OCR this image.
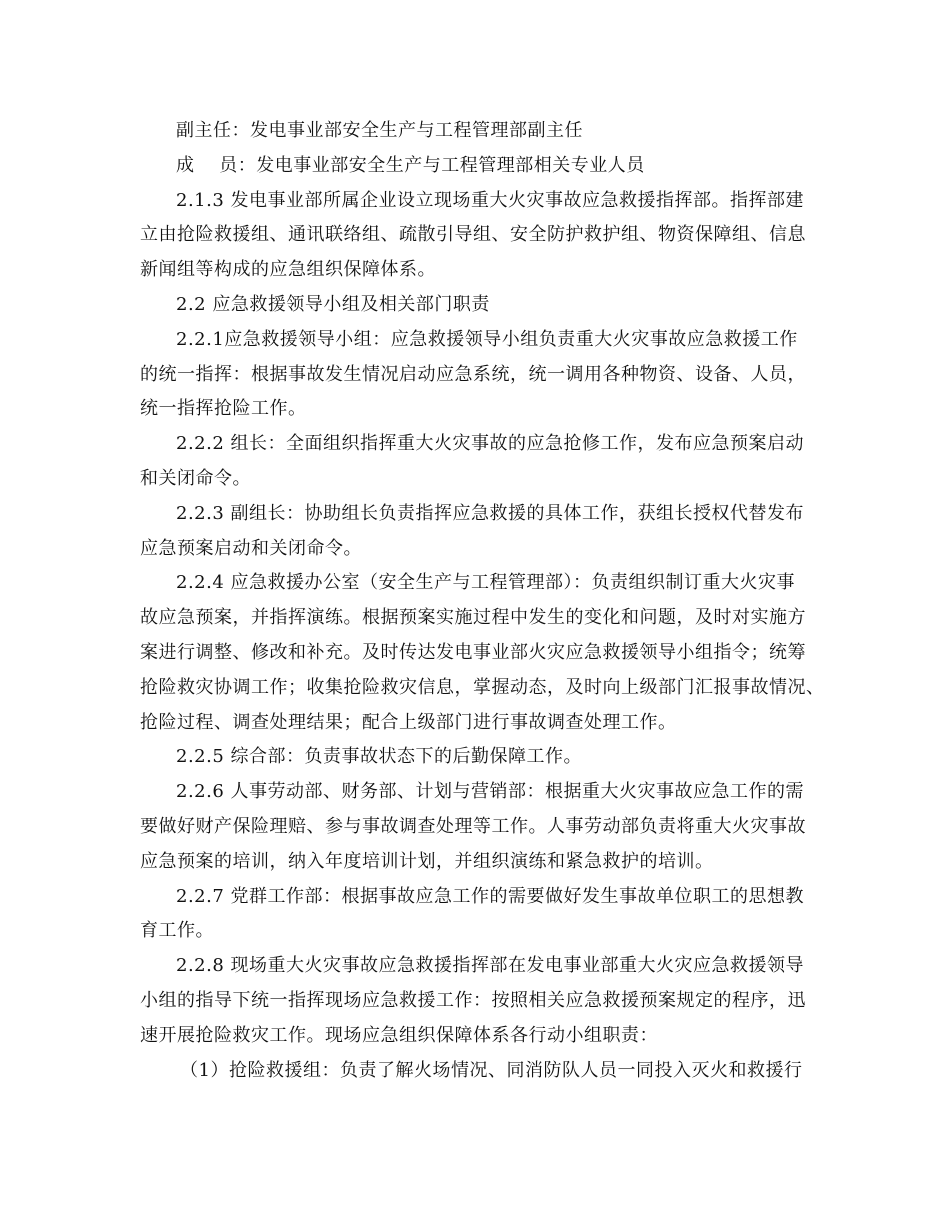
副主任：发电事业部安全生产与工程管理部副主任
成　 员：发电事业部安全生产与工程管理部相关专业人员
2.1.3 发电事业部所属企业设立现场重大火灾事故应急救援指挥部。指挥部建
立由抢险救援组、通讯联络组、疏散引导组、安全防护救护组、物资保障组、信息
新闻组等构成的应急组织保障体系。
2.2 应急救援领导小组及相关部门职责
2.2.1应急救援领导小组：应急救援领导小组负责重大火灾事故应急救援工作
的统一指挥：根据事故发生情况启动应急系统，统一调用各种物资、设备、人员，
统一指挥抢险工作。
2.2.2 组长：全面组织指挥重大火灾事故的应急抢修工作，发布应急预案启动
和关闭命令。
2.2.3 副组长：协助组长负责指挥应急救援的具体工作，获组长授权代替发布
应急预案启动和关闭命令。
2.2.4 应急救援办公室（安全生产与工程管理部）：负责组织制订重大火灾事
故应急预案，并指挥演练。根据预案实施过程中发生的变化和问题，及时对实施方
案进行调整、修改和补充。及时传达发电事业部火灾应急救援领导小组指令；统筹
抢险救灾协调工作；收集抢险救灾信息，掌握动态，及时向上级部门汇报事故情况、
抢险过程、调查处理结果；配合上级部门进行事故调查处理工作。
2.2.5 综合部：负责事故状态下的后勤保障工作。
2.2.6 人事劳动部、财务部、计划与营销部：根据重大火灾事故应急工作的需
要做好财产保险理赔、参与事故调查处理等工作。人事劳动部负责将重大火灾事故
应急预案的培训，纳入年度培训计划，并组织演练和紧急救护的培训。
2.2.7 党群工作部：根据事故应急工作的需要做好发生事故单位职工的思想教
育工作。
2.2.8 现场重大火灾事故应急救援指挥部在发电事业部重大火灾应急救援领导
小组的指导下统一指挥现场应急救援工作：按照相关应急救援预案规定的程序，迅
速开展抢险救灾工作。现场应急组织保障体系各行动小组职责：
（1）抢险救援组：负责了解火场情况、同消防队人员一同投入灭火和救援行
